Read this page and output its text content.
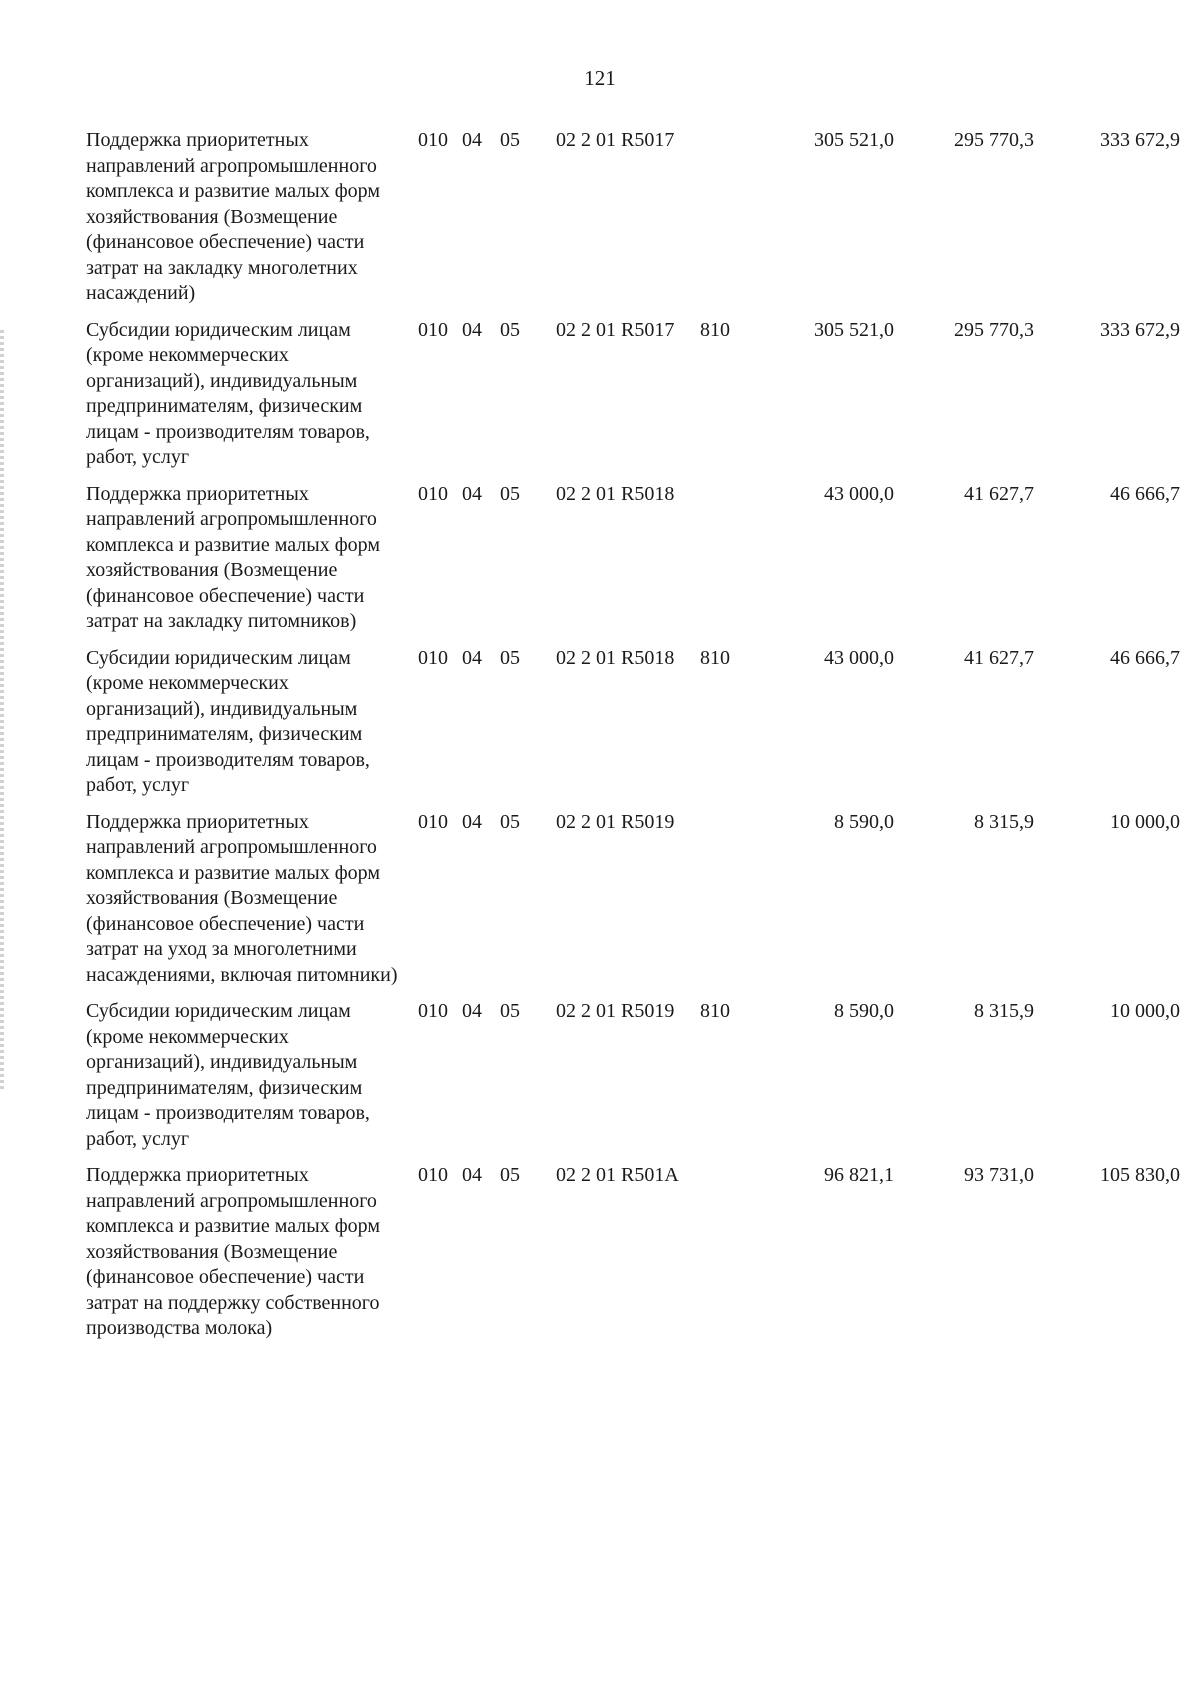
121
Поддержка приоритетных направлений агропромышленного комплекса и развитие малых форм хозяйствования (Возмещение (финансовое обеспечение) части затрат на закладку многолетних насаждений)	010	04	05	02 2 01 R5017		305 521,0	295 770,3	333 672,9
Субсидии юридическим лицам (кроме некоммерческих организаций), индивидуальным предпринимателям, физическим лицам - производителям товаров, работ, услуг	010	04	05	02 2 01 R5017	810	305 521,0	295 770,3	333 672,9
Поддержка приоритетных направлений агропромышленного комплекса и развитие малых форм хозяйствования (Возмещение (финансовое обеспечение) части затрат на закладку питомников)	010	04	05	02 2 01 R5018		43 000,0	41 627,7	46 666,7
Субсидии юридическим лицам (кроме некоммерческих организаций), индивидуальным предпринимателям, физическим лицам - производителям товаров, работ, услуг	010	04	05	02 2 01 R5018	810	43 000,0	41 627,7	46 666,7
Поддержка приоритетных направлений агропромышленного комплекса и развитие малых форм хозяйствования (Возмещение (финансовое обеспечение) части затрат на уход за многолетними насаждениями, включая питомники)	010	04	05	02 2 01 R5019		8 590,0	8 315,9	10 000,0
Субсидии юридическим лицам (кроме некоммерческих организаций), индивидуальным предпринимателям, физическим лицам - производителям товаров, работ, услуг	010	04	05	02 2 01 R5019	810	8 590,0	8 315,9	10 000,0
Поддержка приоритетных направлений агропромышленного комплекса и развитие малых форм хозяйствования (Возмещение (финансовое обеспечение) части затрат на поддержку собственного производства молока)	010	04	05	02 2 01 R501A		96 821,1	93 731,0	105 830,0
